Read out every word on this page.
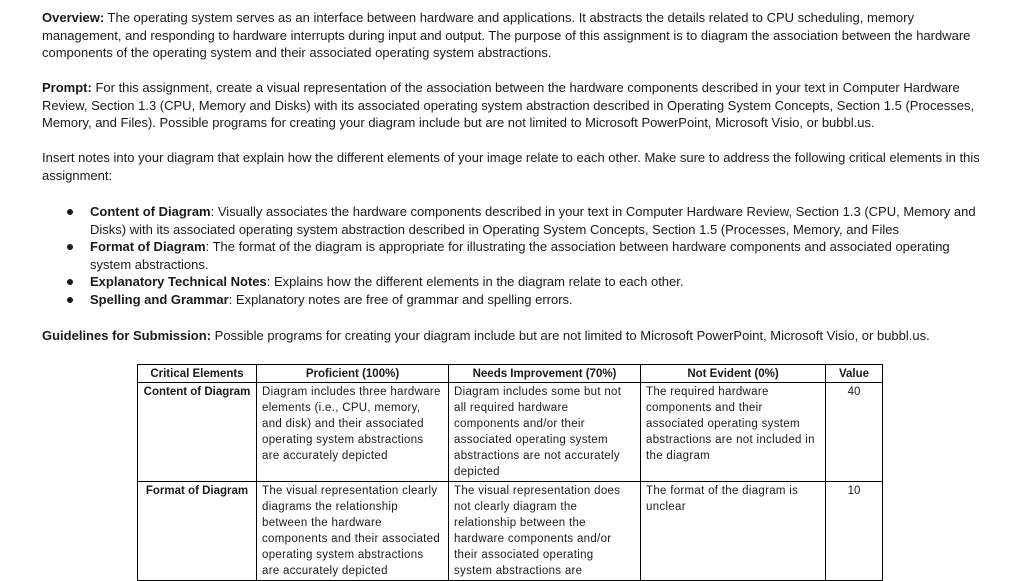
Overview: The operating system serves as an interface between hardware and applications. It abstracts the details related to CPU scheduling, memory management, and responding to hardware interrupts during input and output. The purpose of this assignment is to diagram the association between the hardware components of the operating system and their associated operating system abstractions.

Prompt: For this assignment, create a visual representation of the association between the hardware components described in your text in Computer Hardware Review, Section 1.3 (CPU, Memory and Disks) with its associated operating system abstraction described in Operating System Concepts, Section 1.5 (Processes, Memory, and Files). Possible programs for creating your diagram include but are not limited to Microsoft PowerPoint, Microsoft Visio, or bubbl.us.

Insert notes into your diagram that explain how the different elements of your image relate to each other. Make sure to address the following critical elements in this assignment:

Content of Diagram: Visually associates the hardware components described in your text in Computer Hardware Review, Section 1.3 (CPU, Memory and Disks) with its associated operating system abstraction described in Operating System Concepts, Section 1.5 (Processes, Memory, and Files
Format of Diagram: The format of the diagram is appropriate for illustrating the association between hardware components and associated operating system abstractions.
Explanatory Technical Notes: Explains how the different elements in the diagram relate to each other.
Spelling and Grammar: Explanatory notes are free of grammar and spelling errors.

Guidelines for Submission: Possible programs for creating your diagram include but are not limited to Microsoft PowerPoint, Microsoft Visio, or bubbl.us.

Critical Elements	Proficient (100%)	Needs Improvement (70%)	Not Evident (0%)	Value
Content of Diagram	Diagram includes three hardware elements (i.e., CPU, memory, and disk) and their associated operating system abstractions are accurately depicted	Diagram includes some but not all required hardware components and/or their associated operating system abstractions are not accurately depicted	The required hardware components and their associated operating system abstractions are not included in the diagram	40
Format of Diagram	The visual representation clearly diagrams the relationship between the hardware components and their associated operating system abstractions are accurately depicted	The visual representation does not clearly diagram the relationship between the hardware components and/or their associated operating system abstractions are	The format of the diagram is unclear	10
